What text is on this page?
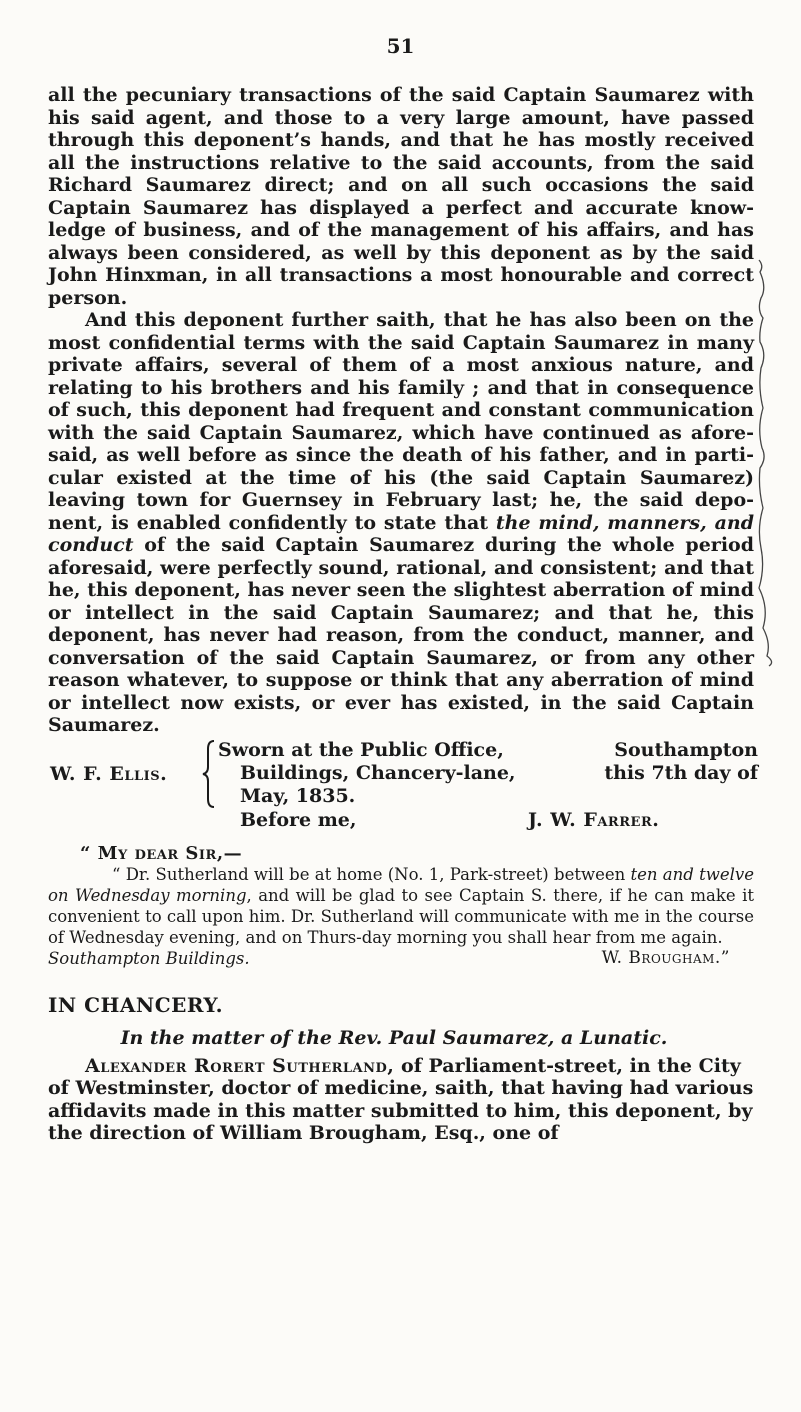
51

all the pecuniary transactions of the said Captain Saumarez with his said agent, and those to a very large amount, have passed through this deponent’s hands, and that he has mostly received all the instructions relative to the said accounts, from the said Richard Saumarez direct; and on all such occasions the said Captain Saumarez has displayed a perfect and accurate know-ledge of business, and of the management of his affairs, and has always been considered, as well by this deponent as by the said John Hinxman, in all transactions a most honourable and correct person.

And this deponent further saith, that he has also been on the most confidential terms with the said Captain Saumarez in many private affairs, several of them of a most anxious nature, and relating to his brothers and his family ; and that in consequence of such, this deponent had frequent and constant communication with the said Captain Saumarez, which have continued as afore-said, as well before as since the death of his father, and in parti-cular existed at the time of his (the said Captain Saumarez) leaving town for Guernsey in February last; he, the said depo-nent, is enabled confidently to state that the mind, manners, and conduct of the said Captain Saumarez during the whole period aforesaid, were perfectly sound, rational, and consistent; and that he, this deponent, has never seen the slightest aberration of mind or intellect in the said Captain Saumarez; and that he, this deponent, has never had reason, from the conduct, manner, and conversation of the said Captain Saumarez, or from any other reason whatever, to suppose or think that any aberration of mind or intellect now exists, or ever has existed, in the said Captain Saumarez.

W. F. Ellis.
Sworn at the Public Office,	Southampton
Buildings, Chancery-lane,	this 7th day of
May, 1835.
Before me,	J. W. Farrer.
“ My dear Sir,—

“ Dr. Sutherland will be at home (No. 1, Park-street) between ten and twelve on Wednesday morning, and will be glad to see Captain S. there, if he can make it convenient to call upon him. Dr. Sutherland will communicate with me in the course of Wednesday evening, and on Thurs-day morning you shall hear from me again.

Southampton Buildings.	W. Brougham.”
IN CHANCERY.
In the matter of the Rev. Paul Saumarez, a Lunatic.

Alexander Rorert Sutherland, of Parliament-street, in the City of Westminster, doctor of medicine, saith, that having had various affidavits made in this matter submitted to him, this deponent, by the direction of William Brougham, Esq., one of
